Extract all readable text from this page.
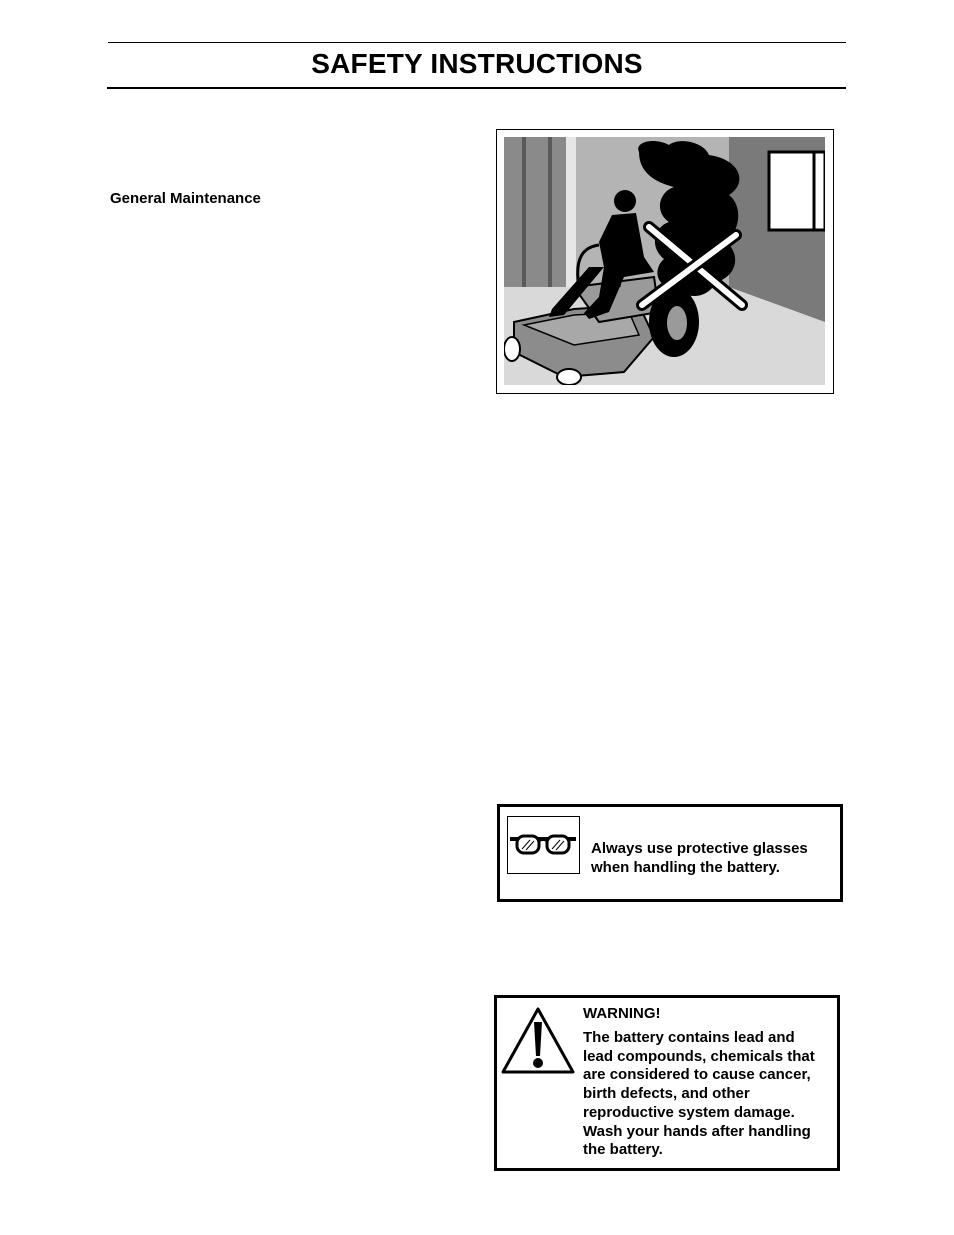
SAFETY INSTRUCTIONS
General Maintenance
Always use protective glasses
when handling the battery.
WARNING!
The battery contains lead and
lead compounds, chemicals that
are considered to cause cancer,
birth defects, and other
reproductive system damage.
Wash your hands after handling
the battery.
